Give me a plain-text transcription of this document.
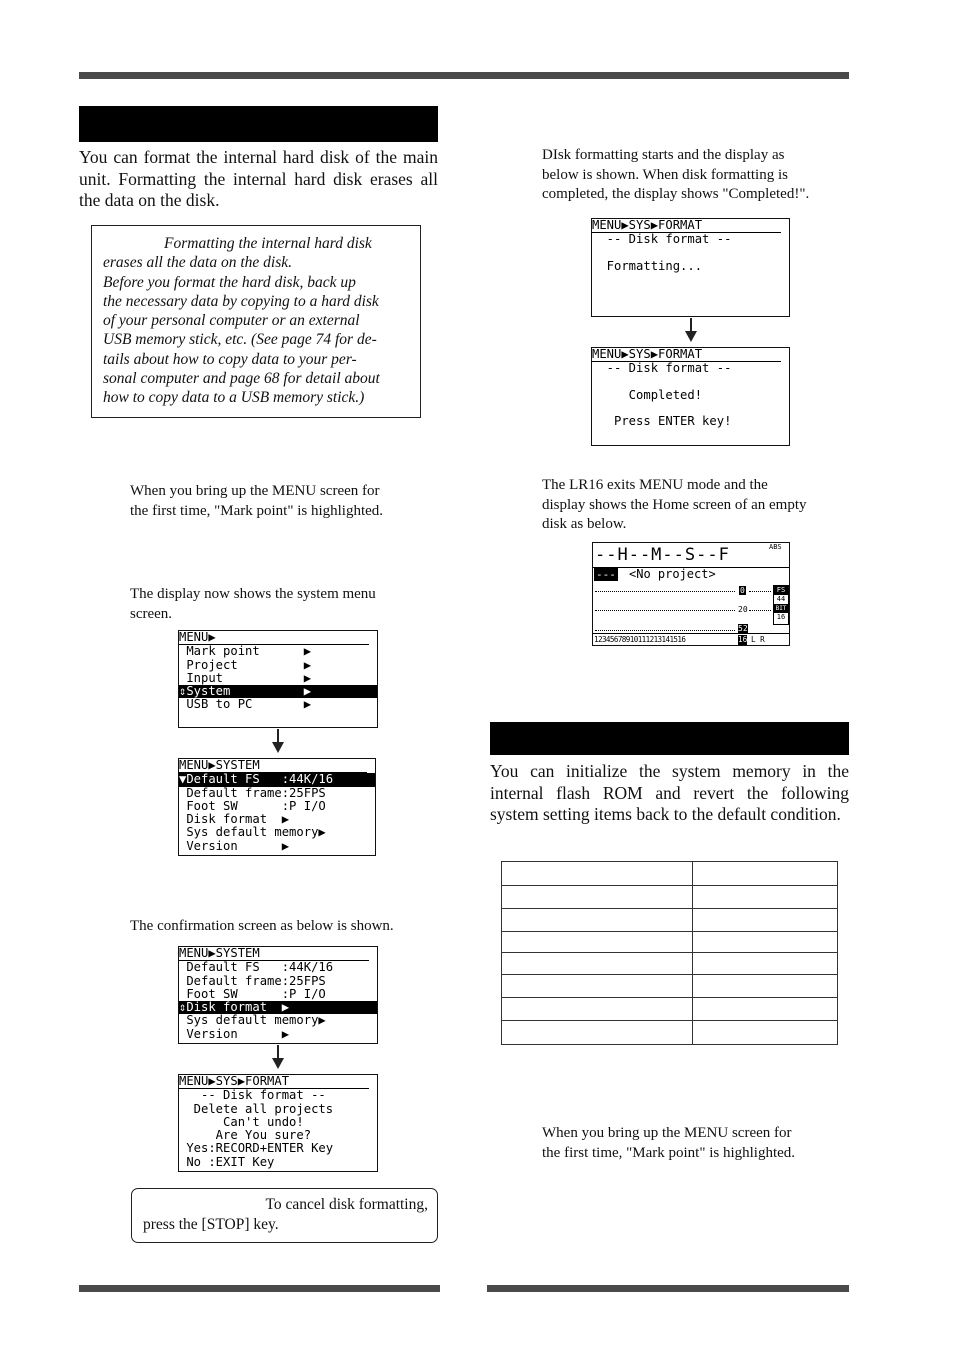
You can format the internal hard disk of the main unit. Formatting the internal hard disk erases all the data on the disk.
Formatting the internal hard disk
erases all the data on the disk.
Before you format the hard disk, back up
the necessary data by copying to a hard disk
of your personal computer or an external
USB memory stick, etc. (See page 74 for de-
tails about how to copy data to your per-
sonal computer and page 68 for detail about
how to copy data to a USB memory stick.)
When you bring up the MENU screen for
the first time, "Mark point" is highlighted.
The display now shows the system menu
screen.
MENU▶
Mark point      ▶
Project         ▶
Input           ▶
⇕System          ▶
USB to PC       ▶
MENU▶SYSTEM
▼Default FS   :44K/16
Default frame:25FPS
Foot SW      :P I/O
Disk format  ▶
Sys default memory▶
Version      ▶
The confirmation screen as below is shown.
MENU▶SYSTEM
Default FS   :44K/16
Default frame:25FPS
Foot SW      :P I/O
⇕Disk format  ▶
Sys default memory▶
Version      ▶
MENU▶SYS▶FORMAT
-- Disk format --
Delete all projects
Can't undo!
Are You sure?
Yes:RECORD+ENTER Key
No :EXIT Key
To cancel disk formatting,
press the [STOP] key.
DIsk formatting starts and the display as
below is shown. When disk formatting is
completed, the display shows "Completed!".
MENU▶SYS▶FORMAT
-- Disk format --
Formatting...
MENU▶SYS▶FORMAT
-- Disk format --
Completed!
Press ENTER key!
The LR16 exits MENU mode and the
display shows the Home screen of an empty
disk as below.
--H--M--S--F	ABS
--- <No project>
0
20
52
FS
44
BIT
16
12345678910111213141516	16 L R
You can initialize the system memory in the internal flash ROM and revert the following system setting items back to the default condition.

When you bring up the MENU screen for
the first time, "Mark point" is highlighted.
